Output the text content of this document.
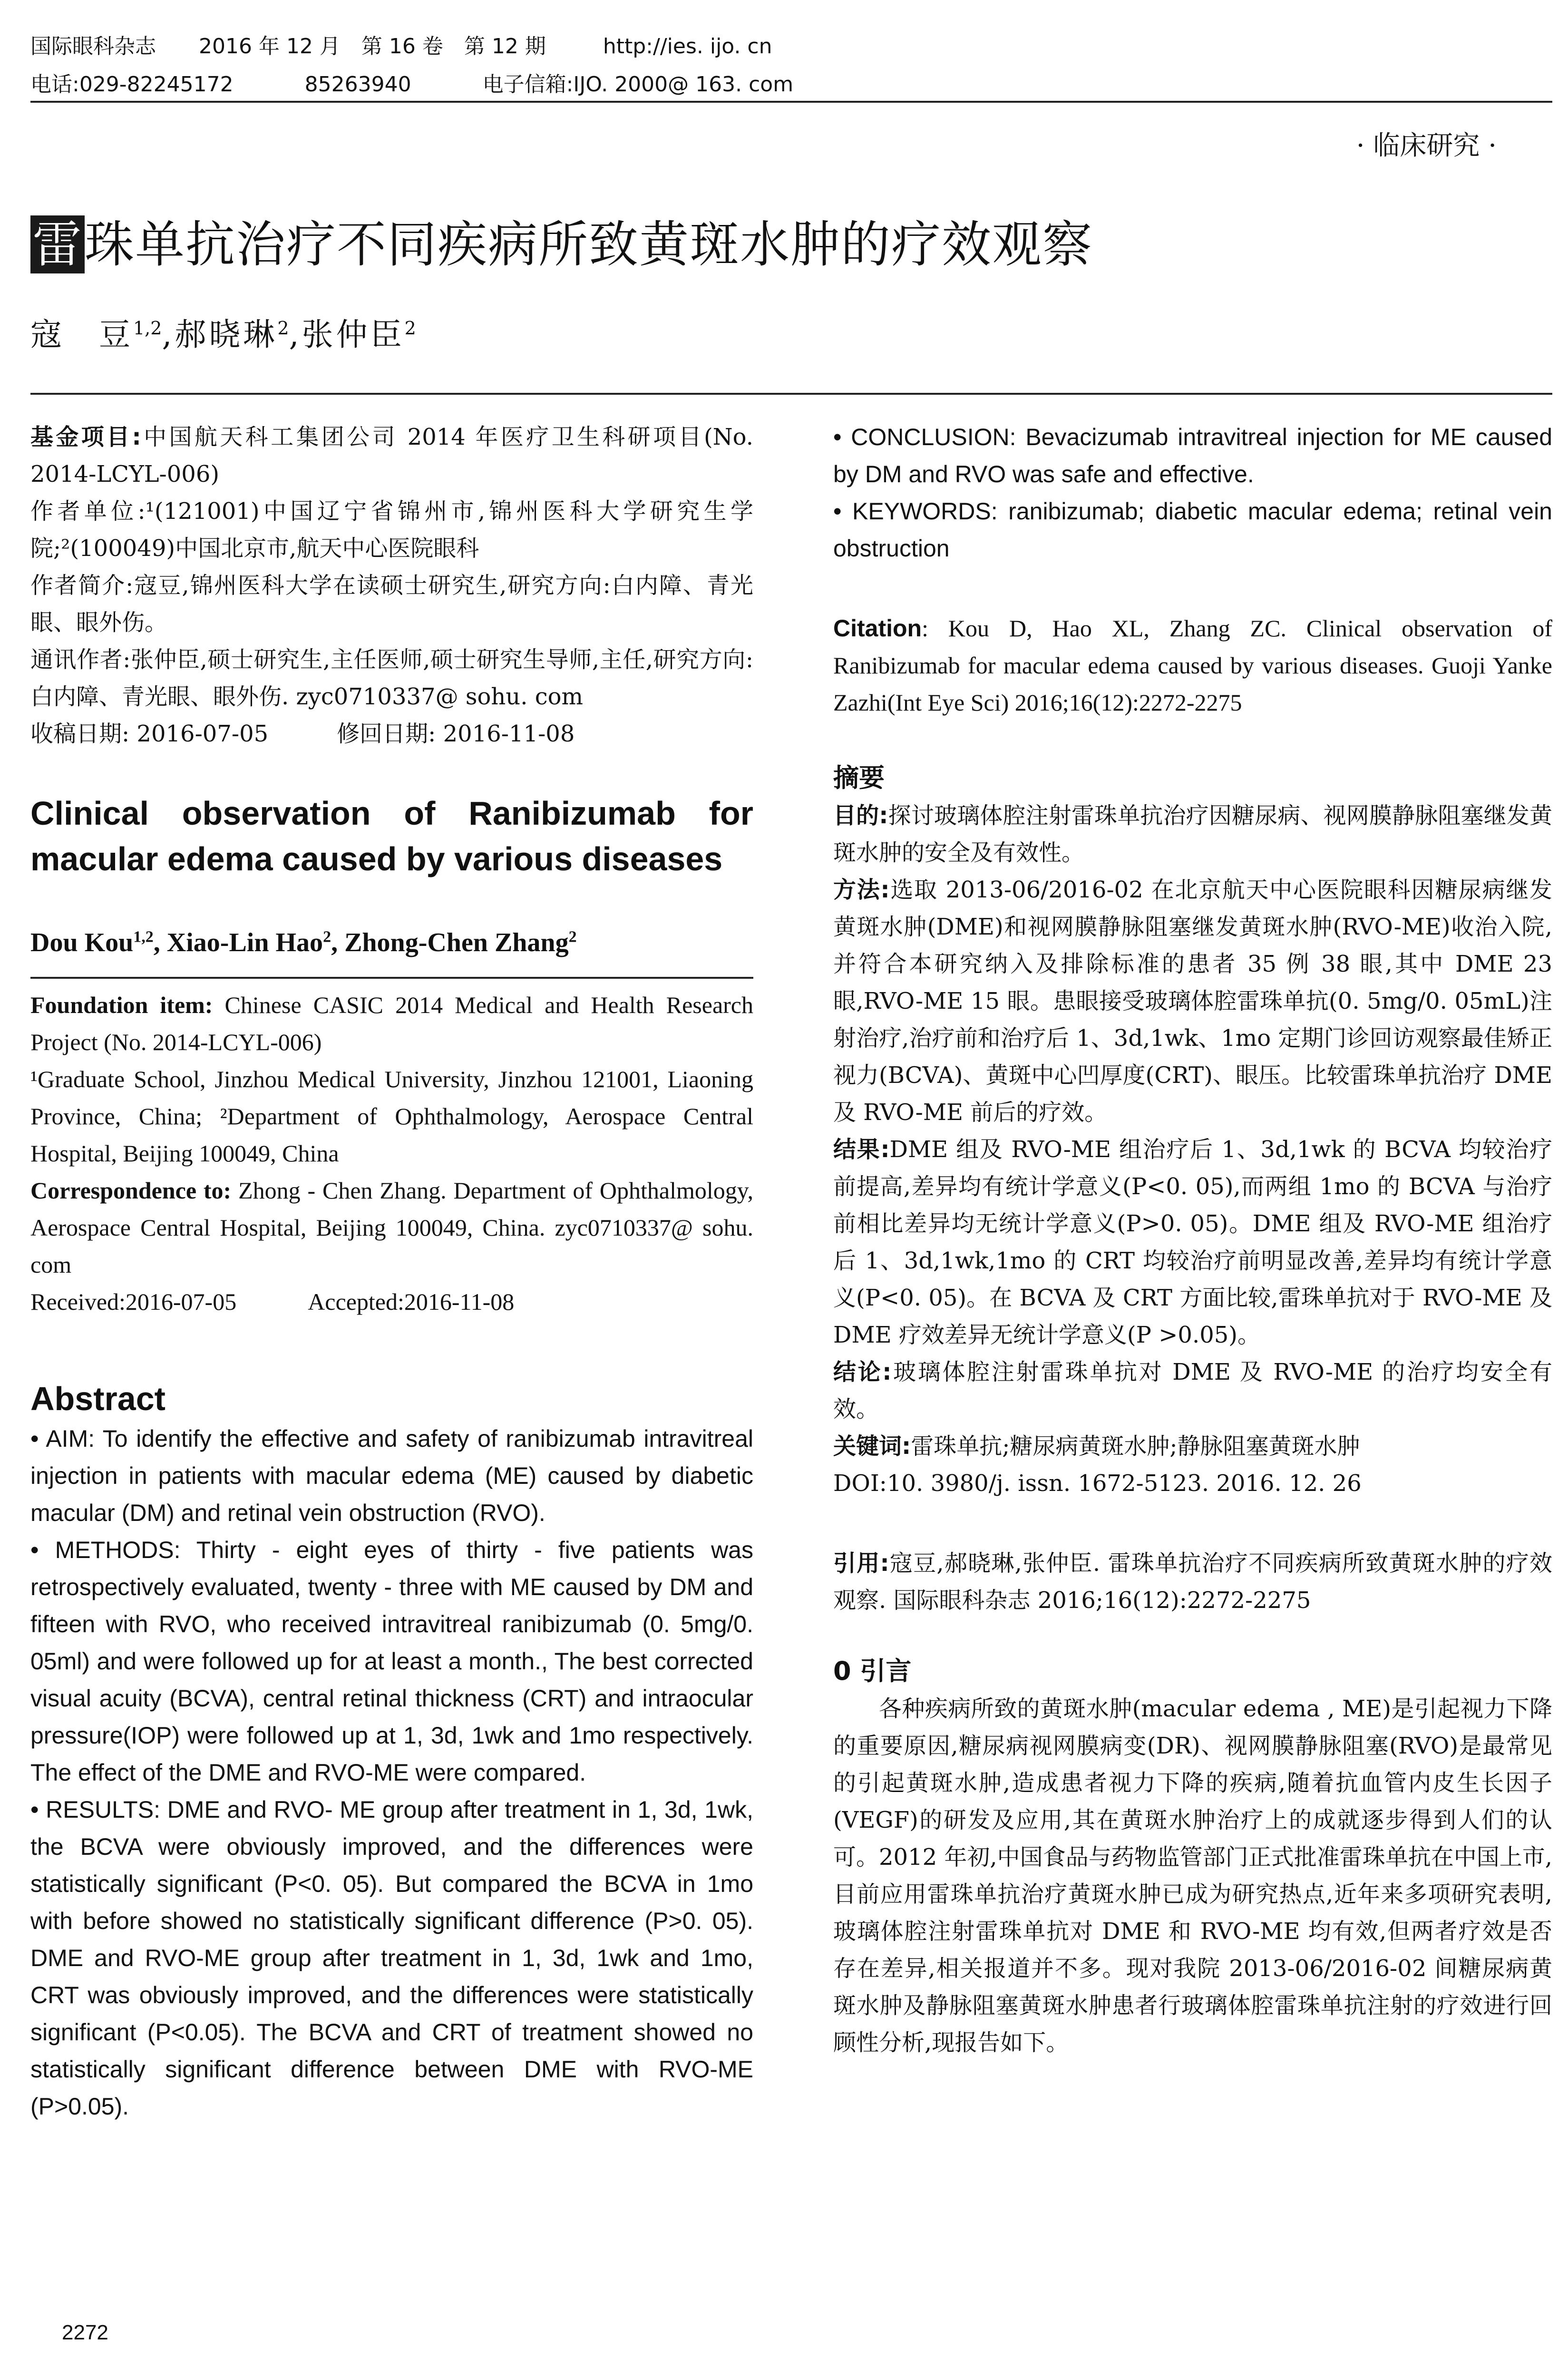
国际眼科杂志 2016 年 12 月　第 16 卷　第 12 期	http://ies. ijo. cn
电话:029-82245172	85263940	电子信箱:IJO. 2000@ 163. com
· 临床研究 ·
雷珠单抗治疗不同疾病所致黄斑水肿的疗效观察
寇　豆$^{1,2}$,郝晓琳$^2$,张仲臣$^2$

基金项目:中国航天科工集团公司 2014 年医疗卫生科研项目(No. 2014-LCYL-006)

作者单位:¹(121001)中国辽宁省锦州市,锦州医科大学研究生学院;²(100049)中国北京市,航天中心医院眼科

作者简介:寇豆,锦州医科大学在读硕士研究生,研究方向:白内障、青光眼、眼外伤。

通讯作者:张仲臣,硕士研究生,主任医师,硕士研究生导师,主任,研究方向:白内障、青光眼、眼外伤. zyc0710337@ sohu. com

收稿日期: 2016-07-05　　　修回日期: 2016-11-08

Clinical observation of Ranibizumab for macular edema caused by various diseases
Dou Kou$^{1,2}$, Xiao-Lin Hao$^2$, Zhong-Chen Zhang$^2$

Foundation item: Chinese CASIC 2014 Medical and Health Research Project (No. 2014-LCYL-006)

¹Graduate School, Jinzhou Medical University, Jinzhou 121001, Liaoning Province, China; ²Department of Ophthalmology, Aerospace Central Hospital, Beijing 100049, China

Correspondence to: Zhong - Chen Zhang. Department of Ophthalmology, Aerospace Central Hospital, Beijing 100049, China. zyc0710337@ sohu. com

Received:2016-07-05　　　Accepted:2016-11-08

Abstract

• AIM: To identify the effective and safety of ranibizumab intravitreal injection in patients with macular edema (ME) caused by diabetic macular (DM) and retinal vein obstruction (RVO).

• METHODS: Thirty - eight eyes of thirty - five patients was retrospectively evaluated, twenty - three with ME caused by DM and fifteen with RVO, who received intravitreal ranibizumab (0. 5mg/0. 05ml) and were followed up for at least a month., The best corrected visual acuity (BCVA), central retinal thickness (CRT) and intraocular pressure(IOP) were followed up at 1, 3d, 1wk and 1mo respectively. The effect of the DME and RVO-ME were compared.

• RESULTS: DME and RVO- ME group after treatment in 1, 3d, 1wk, the BCVA were obviously improved, and the differences were statistically significant (P<0. 05). But compared the BCVA in 1mo with before showed no statistically significant difference (P>0. 05). DME and RVO-ME group after treatment in 1, 3d, 1wk and 1mo, CRT was obviously improved, and the differences were statistically significant (P<0.05). The BCVA and CRT of treatment showed no statistically significant difference between DME with RVO-ME (P>0.05).

• CONCLUSION: Bevacizumab intravitreal injection for ME caused by DM and RVO was safe and effective.

• KEYWORDS: ranibizumab; diabetic macular edema; retinal vein obstruction

Citation: Kou D, Hao XL, Zhang ZC. Clinical observation of Ranibizumab for macular edema caused by various diseases. Guoji Yanke Zazhi(Int Eye Sci) 2016;16(12):2272-2275

摘要

目的:探讨玻璃体腔注射雷珠单抗治疗因糖尿病、视网膜静脉阻塞继发黄斑水肿的安全及有效性。

方法:选取 2013-06/2016-02 在北京航天中心医院眼科因糖尿病继发黄斑水肿(DME)和视网膜静脉阻塞继发黄斑水肿(RVO-ME)收治入院,并符合本研究纳入及排除标准的患者 35 例 38 眼,其中 DME 23 眼,RVO-ME 15 眼。患眼接受玻璃体腔雷珠单抗(0. 5mg/0. 05mL)注射治疗,治疗前和治疗后 1、3d,1wk、1mo 定期门诊回访观察最佳矫正视力(BCVA)、黄斑中心凹厚度(CRT)、眼压。比较雷珠单抗治疗 DME 及 RVO-ME 前后的疗效。

结果:DME 组及 RVO-ME 组治疗后 1、3d,1wk 的 BCVA 均较治疗前提高,差异均有统计学意义(P<0. 05),而两组 1mo 的 BCVA 与治疗前相比差异均无统计学意义(P>0. 05)。DME 组及 RVO-ME 组治疗后 1、3d,1wk,1mo 的 CRT 均较治疗前明显改善,差异均有统计学意义(P<0. 05)。在 BCVA 及 CRT 方面比较,雷珠单抗对于 RVO-ME 及 DME 疗效差异无统计学意义(P >0.05)。

结论:玻璃体腔注射雷珠单抗对 DME 及 RVO-ME 的治疗均安全有效。

关键词:雷珠单抗;糖尿病黄斑水肿;静脉阻塞黄斑水肿

DOI:10. 3980/j. issn. 1672-5123. 2016. 12. 26

引用:寇豆,郝晓琳,张仲臣. 雷珠单抗治疗不同疾病所致黄斑水肿的疗效观察. 国际眼科杂志 2016;16(12):2272-2275

0 引言

各种疾病所致的黄斑水肿(macular edema , ME)是引起视力下降的重要原因,糖尿病视网膜病变(DR)、视网膜静脉阻塞(RVO)是最常见的引起黄斑水肿,造成患者视力下降的疾病,随着抗血管内皮生长因子(VEGF)的研发及应用,其在黄斑水肿治疗上的成就逐步得到人们的认可。2012 年初,中国食品与药物监管部门正式批准雷珠单抗在中国上市,目前应用雷珠单抗治疗黄斑水肿已成为研究热点,近年来多项研究表明,玻璃体腔注射雷珠单抗对 DME 和 RVO-ME 均有效,但两者疗效是否存在差异,相关报道并不多。现对我院 2013-06/2016-02 间糖尿病黄斑水肿及静脉阻塞黄斑水肿患者行玻璃体腔雷珠单抗注射的疗效进行回顾性分析,现报告如下。

2272
